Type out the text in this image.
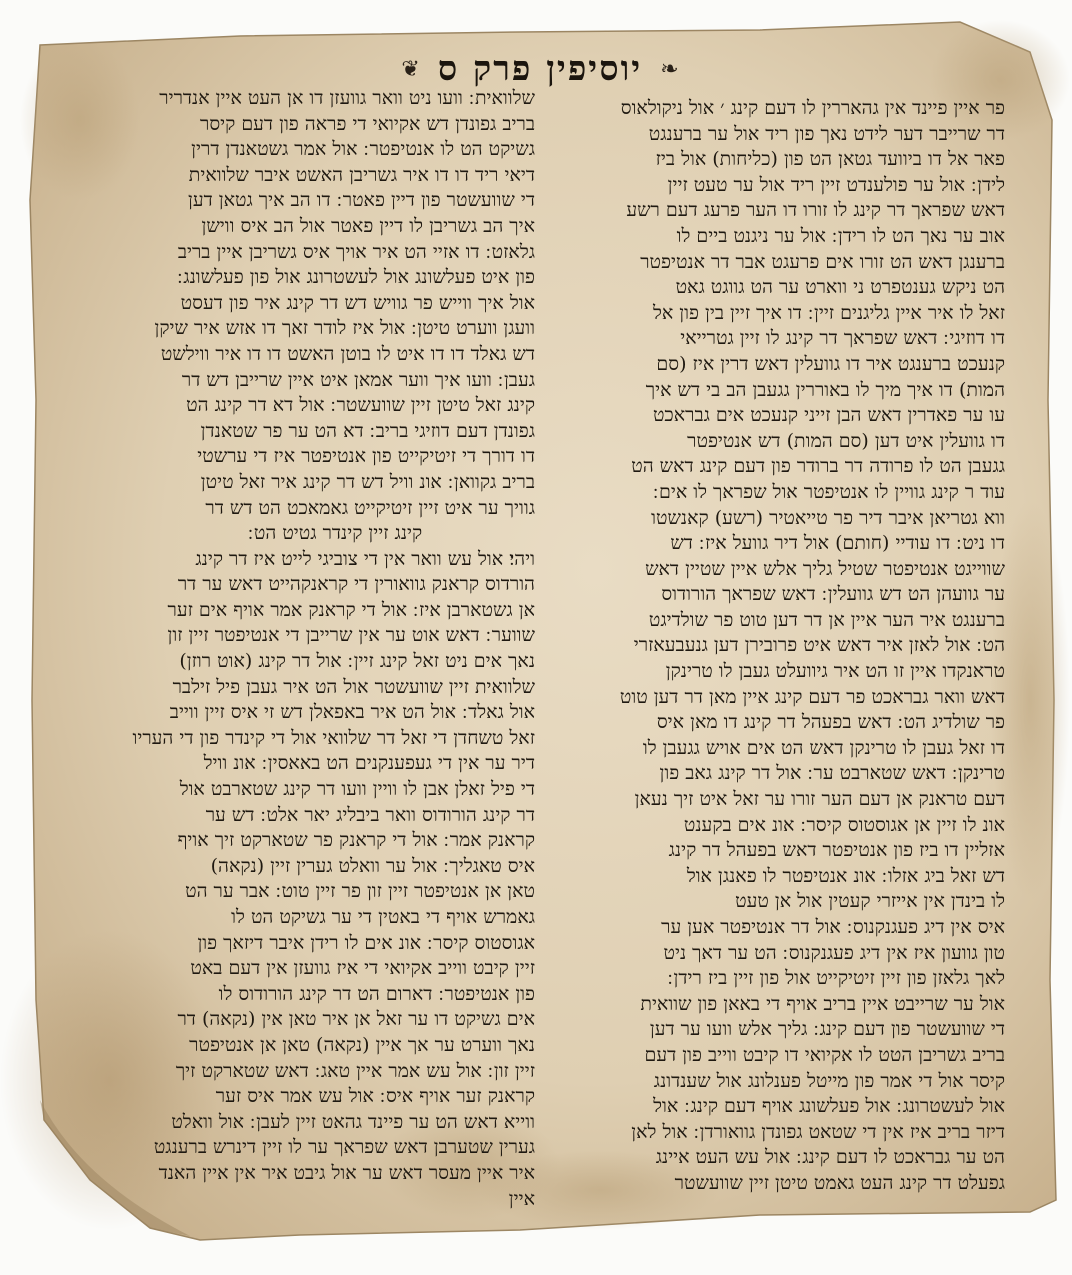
❧
יוסיפין פרק ס
❦
פר איין פיינד אין גהאררין לו דעם קינג ׳ אול ניקולאוס
דר שרייבר דער לידט נאך פון ריד אול ער ברענגט
פאר אל דו ביוועד גטאן הט פון (כליחות) אול ביז
לידן ׃ אול ער פולענדט זיין ריד אול ער טעט זיין
דאש שפראך דר קינג לו זורו דו הער פרעג דעם רשע
אוב ער נאך הט לו רידן ׃ אול ער ניגנט ביים לו
ברענגן דאש הט זורו אים פרעגט אבר דר אנטיפטר
הט ניקש גענטפרט ני ווארט ער הט גווגט גאט
זאל לו איר איין גליגנים זיין ׃ דו איך זיין בין פון אל
דו דוזיגי ׃ דאש שפראך דר קינג לו זיין גטרייאי
קנעכט ברענגט איר דו גוועלין דאש דרין איז (סם
המות) דו איך מיך לו באוררין גגעבן הב בי דש איך
עו ער פאדרין דאש הבן זייני קנעכט אים גבראכט
דו גוועלין איט דען (סם המות) דש אנטיפטר
גגעבן הט לו פרודה דר ברודר פון דעם קינג דאש הט
עוד ר קינג גוויין לו אנטיפטר אול שפראך לו אים ׃
ווא גטריאן איבר דיר פר טייאטיר (רשע) קאנשטו
דו ניט ׃ דו עודיי (חותם) אול דיר גוועל איז ׃ דש
שווייגט אנטיפטר שטיל גליך אלש איין שטיין דאש
ער גוועהן הט דש גוועלין ׃ דאש שפראך הורודוס
ברענגט איר הער איין אן דר דען טוט פר שולדיגט
הט ׃ אול לאזן איר דאש איט פרובירן דען גנעבעאזרי
טראנקדו איין זו הט איר גיוועלט געבן לו טרינקן
דאש וואר גבראכט פר דעם קינג איין מאן דר דען טוט
פר שולדיג הט ׃ דאש בפעהל דר קינג דו מאן איס
דו זאל געבן לו טרינקן דאש הט אים אויש גגעבן לו
טרינקן ׃ דאש שטארבט ער ׃ אול דר קינג גאב פון
דעם טראנק אן דעם הער זורו ער זאל איט זיך נעאן
אונ לו זיין אן אגוסטוס קיסר ׃ אונ אים בקענט
אזליין דו ביז פון אנטיפטר דאש בפעהל דר קינג
דש זאל ביג אזלו ׃ אונ אנטיפטר לו פאנגן אול
לו בינדן אין אייזרי קעטין אול אן טעט
איס אין דיג פעגנקנוס ׃ אול דר אנטיפטר אען ער
טון גוועון איז אין דיג פעגנקנוס ׃ הט ער דאך ניט
לאך גלאזן פון זיין זיטיקייט אול פון זיין ביז רידן ׃
אול ער שרייבט איין בריב אויף די באאן פון שוואית
די שוועשטר פון דעם קינג ׃ גליך אלש וועו ער דען
בריב גשריבן הטט לו אקיואי דו קיבט ווייב פון דעם
קיסר אול די אמר פון מייטל פענלונג אול שענדונג
אול לעשטרונג ׃ אול פעלשונג אויף דעם קינג ׃ אול
דיזר בריב איז אין די שטאט גפונדן גוואורדן ׃ אול לאן
הט ער גבראכט לו דעם קינג ׃ אול עש העט איינג
גפעלט דר קינג העט גאמט טיטן זיין שוועשטר
שלוואית ׃ וועו ניט וואר גוועזן דו אן העט איין אנדריר
בריב גפונדן דש אקיואי די פראה פון דעם קיסר
גשיקט הט לו אנטיפטר ׃ אול אמר גשטאנדן דרין
דיאי ריד דו דו איר גשריבן האשט איבר שלוואית
די שוועשטר פון דיין פאטר ׃ דו הב איך גטאן דען
איך הב גשריבן לו דיין פאטר אול הב איס ווישן
גלאזט ׃ דו אזיי הט איר אויך איס גשריבן איין בריב
פון איט פעלשונג אול לעשטרונג אול פון פעלשונג ׃
אול איך ווייש פר גוויש דש דר קינג איר פון דעסט
וועגן ווערט טיטן ׃ אול איז לודר זאך דו אזש איר שיקן
דש גאלד דו דו איט לו בוטן האשט דו דו איר ווילשט
געבן ׃ וועו איך ווער אמאן איט איין שרייבן דש דר
קינג זאל טיטן זיין שוועשטר ׃ אול דא דר קינג הט
גפונדן דעם דוזיגי בריב ׃ דא הט ער פר שטאנדן
דו דורך די זיטיקייט פון אנטיפטר איז די ערשטי
בריב גקוואן ׃ אונ וויל דש דר קינג איר זאל טיטן
גוויך ער איט זיין זיטיקייט גאמאכט הט דש דר
קינג זיין קינדר גטיט הט ׃
ויהי׃ אול עש וואר אין די צוביגי לייט איז דר קינג
הורדוס קראנק גוואורין די קראנקהייט דאש ער דר
אן גשטארבן איז ׃ אול די קראנק אמר אויף אים זער
שווער ׃ דאש אוט ער אין שרייבן די אנטיפטר זיין זון
נאך אים ניט זאל קינג זיין ׃ אול דר קינג (אוט רוזן)
שלוואית זיין שוועשטר אול הט איר געבן פיל זילבר
אול גאלד ׃ אול הט איר באפאלן דש זי איס זיין ווייב
זאל טשחדן די זאל דר שלוואי אול די קינדר פון די העריו
דיר ער אין די געפענקנים הט באאסין ׃ אונ וויל
די פיל זאלן אבן לו וויין וועו דר קינג שטארבט אול
דר קינג הורודוס וואר ביבליג יאר אלט ׃ דש ער
קראנק אמר ׃ אול די קראנק פר שטארקט זיך אויף
איס טאגליך ׃ אול ער וואלט גערין זיין (נקאה)
טאן אן אנטיפטר זיין זון פר זיין טוט ׃ אבר ער הט
גאמרש אויף די באטין די ער גשיקט הט לו
אגוסטוס קיסר ׃ אונ אים לו רידן איבר דיזאך פון
זיין קיבט ווייב אקיואי די איז גוועזן אין דעם באט
פון אנטיפטר ׃ דארום הט דר קינג הורודוס לו
אים גשיקט דו ער זאל אן איר טאן אין (נקאה) דר
נאך ווערט ער אך איין (נקאה) טאן אן אנטיפטר
זיין זון ׃ אול עש אמר איין טאג ׃ דאש שטארקט זיך
קראנק זער אויף איס ׃ אול עש אמר איס זער
ווייא דאש הט ער פיינד גהאט זיין לעבן ׃ אול וואלט
גערין שטערבן דאש שפראך ער לו זיין דינרש ברענגט
איר איין מעסר דאש ער אול גיבט איר אין איין האנד
איין
